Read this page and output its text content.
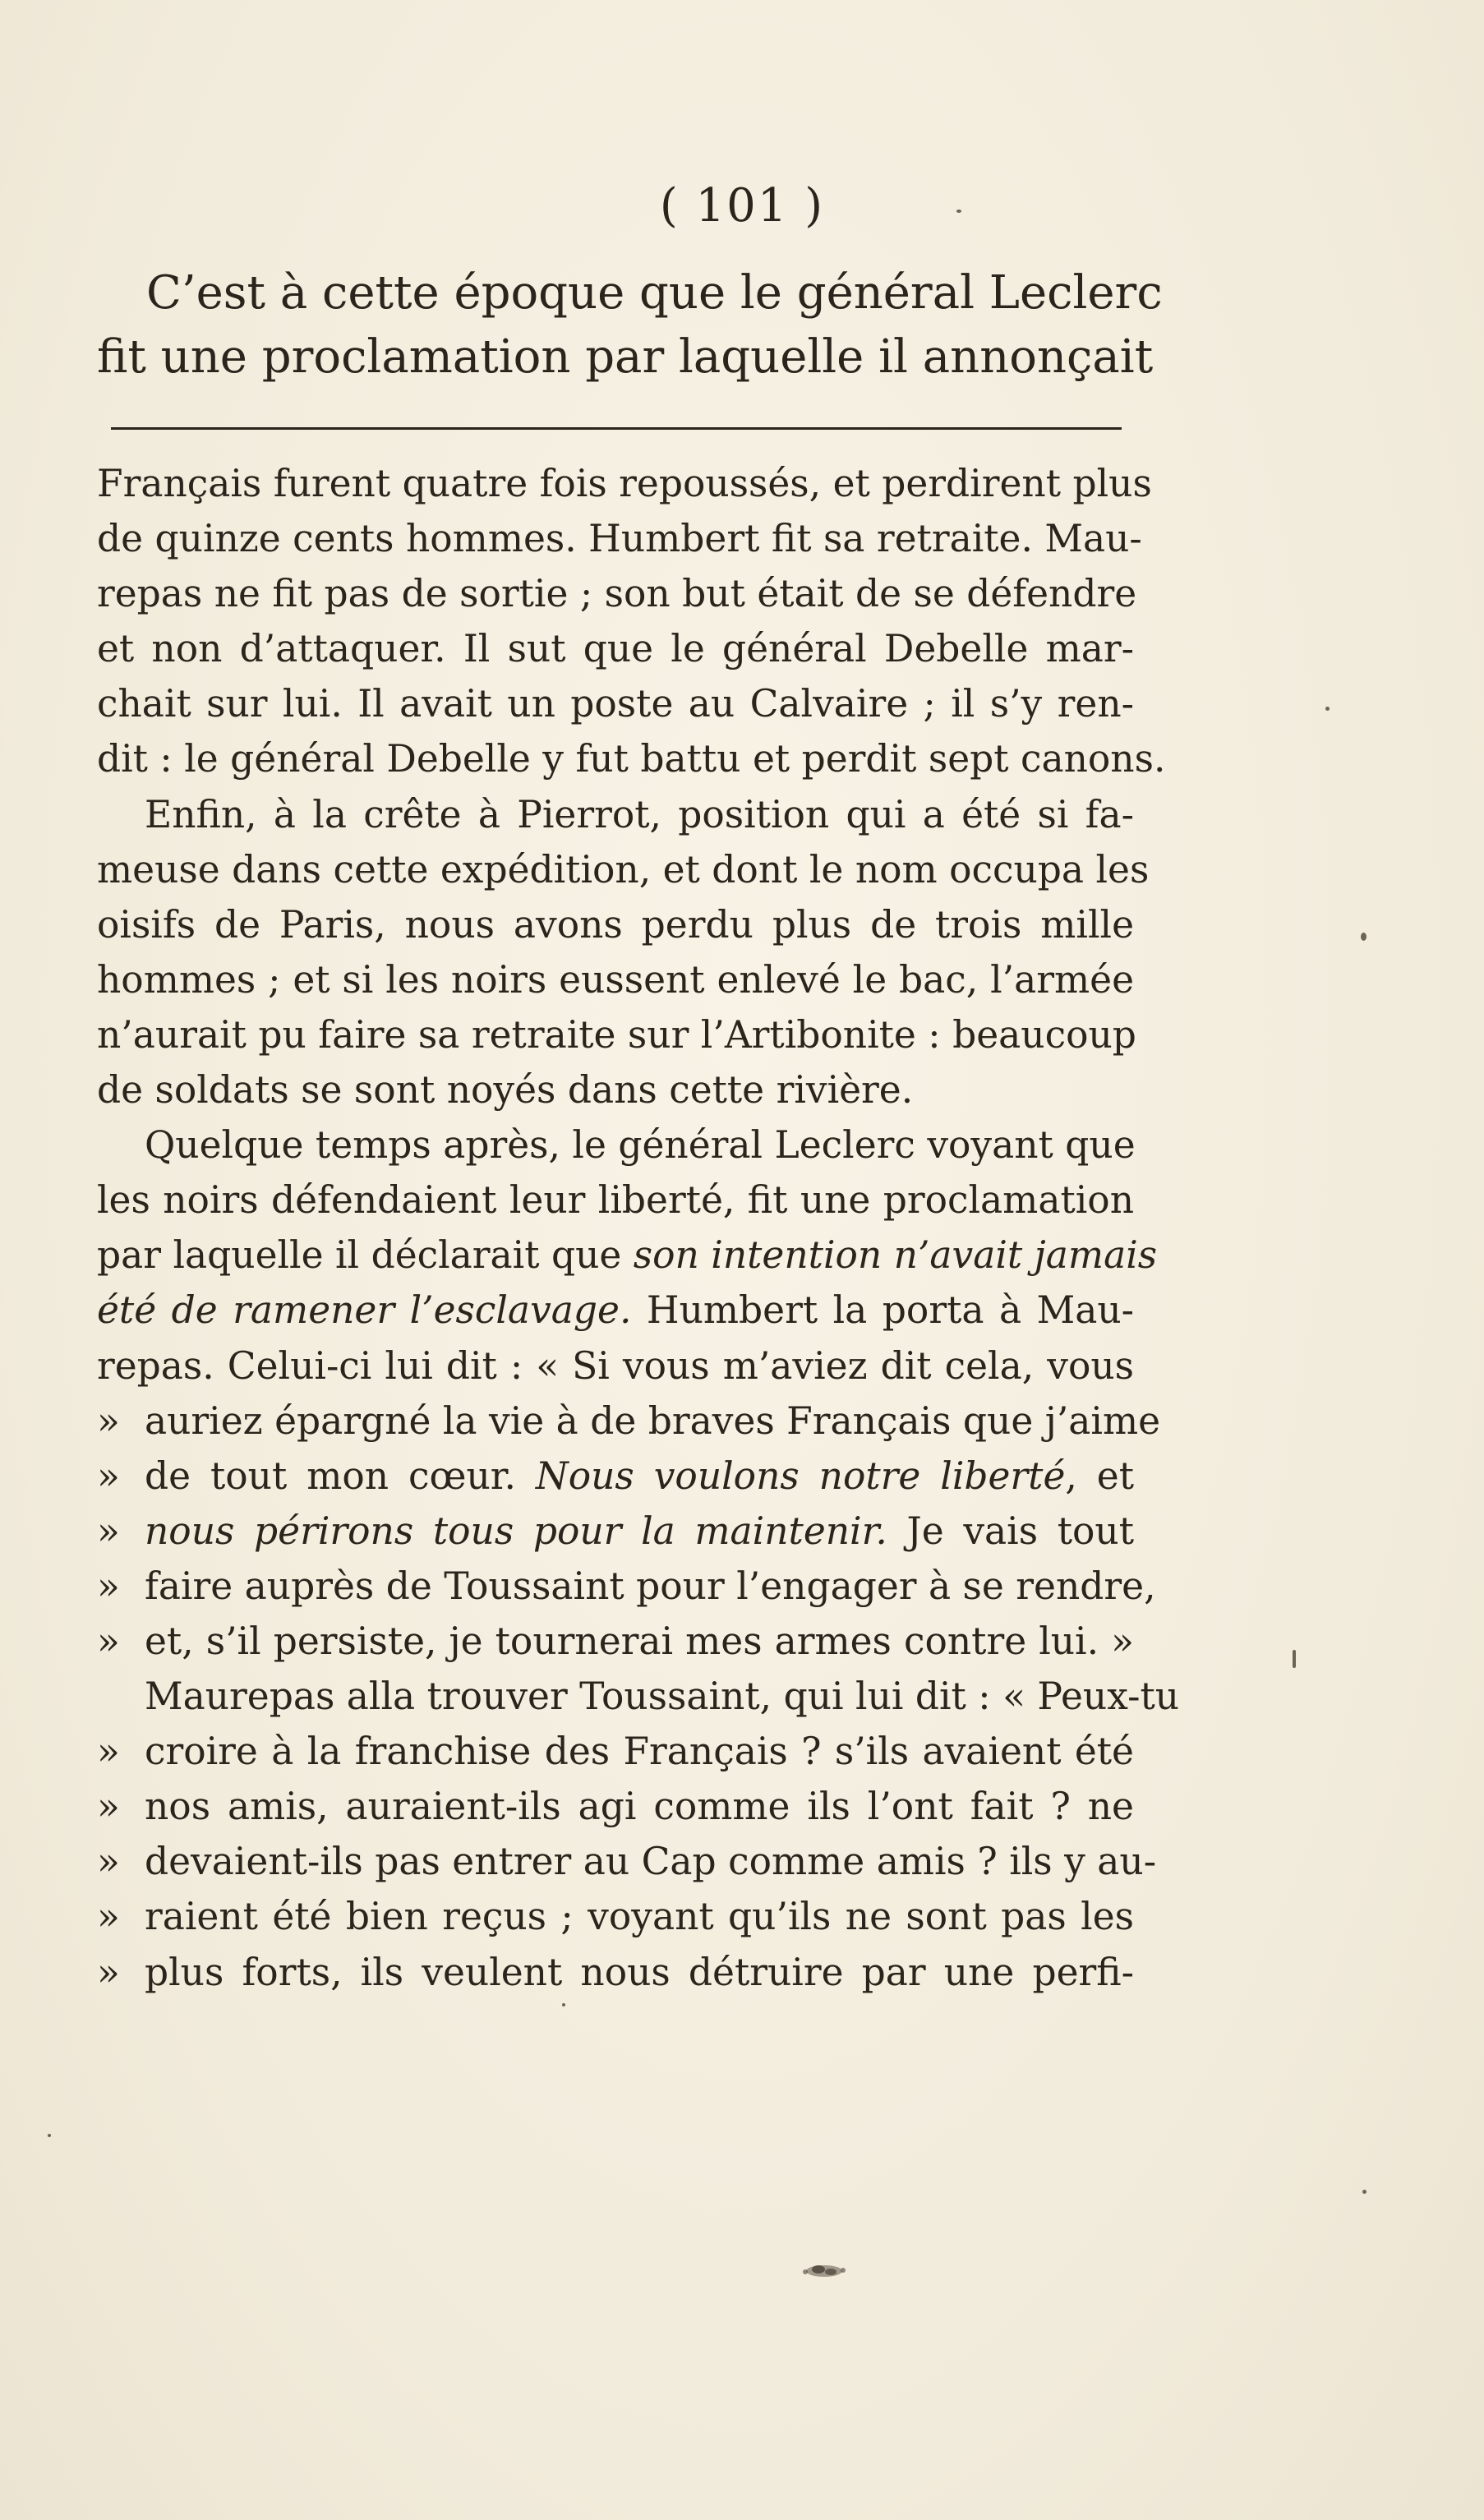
( 101 )
C’est à cette époque que le général Leclerc
fit une proclamation par laquelle il annonçait
Français furent quatre fois repoussés, et perdirent plus
de quinze cents hommes. Humbert fit sa retraite. Mau-
repas ne fit pas de sortie ; son but était de se défendre
et non d’attaquer. Il sut que le général Debelle mar-
chait sur lui. Il avait un poste au Calvaire ; il s’y ren-
dit : le général Debelle y fut battu et perdit sept canons.
Enfin, à la crête à Pierrot, position qui a été si fa-
meuse dans cette expédition, et dont le nom occupa les
oisifs de Paris, nous avons perdu plus de trois mille
hommes ; et si les noirs eussent enlevé le bac, l’armée
n’aurait pu faire sa retraite sur l’Artibonite : beaucoup
de soldats se sont noyés dans cette rivière.
Quelque temps après, le général Leclerc voyant que
les noirs défendaient leur liberté, fit une proclamation
par laquelle il déclarait que son intention n’avait jamais
été de ramener l’esclavage. Humbert la porta à Mau-
repas. Celui-ci lui dit : « Si vous m’aviez dit cela, vous
» auriez épargné la vie à de braves Français que j’aime
» de tout mon cœur. Nous voulons notre liberté, et
» nous périrons tous pour la maintenir. Je vais tout
» faire auprès de Toussaint pour l’engager à se rendre,
» et, s’il persiste, je tournerai mes armes contre lui. »
Maurepas alla trouver Toussaint, qui lui dit : « Peux-tu
» croire à la franchise des Français ? s’ils avaient été
» nos amis, auraient-ils agi comme ils l’ont fait ? ne
» devaient-ils pas entrer au Cap comme amis ? ils y au-
» raient été bien reçus ; voyant qu’ils ne sont pas les
» plus forts, ils veulent nous détruire par une perfi-
